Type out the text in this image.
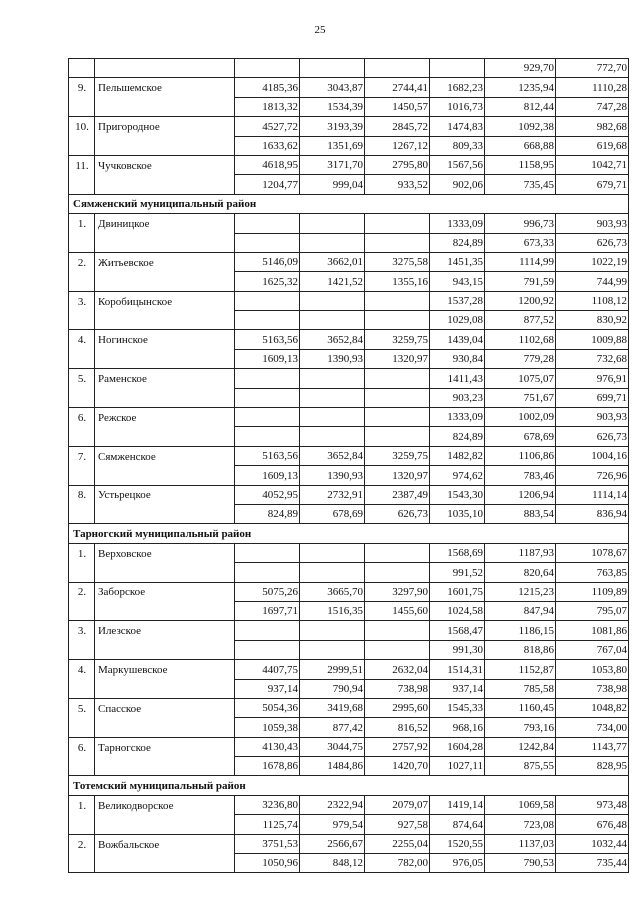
25
						929,70	772,70	
9.	Пельшемское	4185,36	3043,87	2744,41	1682,23	1235,94	1110,28	
		1813,32	1534,39	1450,57	1016,73	812,44	747,28	
10.	Пригородное	4527,72	3193,39	2845,72	1474,83	1092,38	982,68	
		1633,62	1351,69	1267,12	809,33	668,88	619,68	
11.	Чучковское	4618,95	3171,70	2795,80	1567,56	1158,95	1042,71	
		1204,77	999,04	933,52	902,06	735,45	679,71	
Сямженский муниципальный район								
1.	Двиницкое				1333,09	996,73	903,93	
					824,89	673,33	626,73	
2.	Житьевское	5146,09	3662,01	3275,58	1451,35	1114,99	1022,19	
		1625,32	1421,52	1355,16	943,15	791,59	744,99	
3.	Коробицынское				1537,28	1200,92	1108,12	
					1029,08	877,52	830,92	
4.	Ногинское	5163,56	3652,84	3259,75	1439,04	1102,68	1009,88	
		1609,13	1390,93	1320,97	930,84	779,28	732,68	
5.	Раменское				1411,43	1075,07	976,91	
					903,23	751,67	699,71	
6.	Режское				1333,09	1002,09	903,93	
					824,89	678,69	626,73	
7.	Сямженское	5163,56	3652,84	3259,75	1482,82	1106,86	1004,16	
		1609,13	1390,93	1320,97	974,62	783,46	726,96	
8.	Устьрецкое	4052,95	2732,91	2387,49	1543,30	1206,94	1114,14	
		824,89	678,69	626,73	1035,10	883,54	836,94	
Тарногский муниципальный район								
1.	Верховское				1568,69	1187,93	1078,67	
					991,52	820,64	763,85	
2.	Заборское	5075,26	3665,70	3297,90	1601,75	1215,23	1109,89	
		1697,71	1516,35	1455,60	1024,58	847,94	795,07	
3.	Илезское				1568,47	1186,15	1081,86	
					991,30	818,86	767,04	
4.	Маркушевское	4407,75	2999,51	2632,04	1514,31	1152,87	1053,80	
		937,14	790,94	738,98	937,14	785,58	738,98	
5.	Спасское	5054,36	3419,68	2995,60	1545,33	1160,45	1048,82	
		1059,38	877,42	816,52	968,16	793,16	734,00	
6.	Тарногское	4130,43	3044,75	2757,92	1604,28	1242,84	1143,77	
		1678,86	1484,86	1420,70	1027,11	875,55	828,95	
Тотемский муниципальный район								
1.	Великодворское	3236,80	2322,94	2079,07	1419,14	1069,58	973,48	
		1125,74	979,54	927,58	874,64	723,08	676,48	
2.	Вожбальское	3751,53	2566,67	2255,04	1520,55	1137,03	1032,44	
		1050,96	848,12	782,00	976,05	790,53	735,44	
